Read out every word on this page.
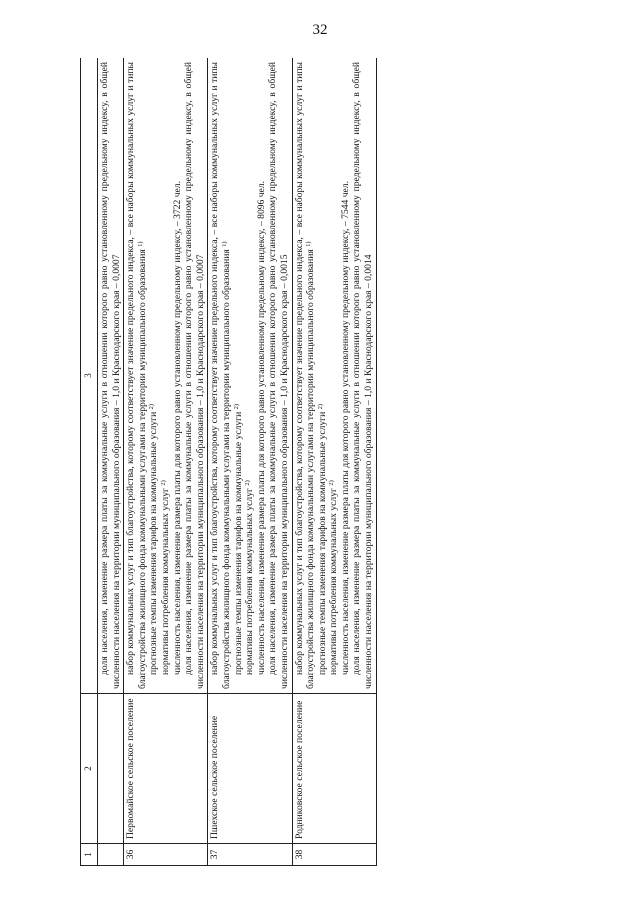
32
1	2	3

		доля населения, изменение размера платы за коммунальные услуги в отношении которого равно установленному предельному индексу, в общей численности населения на территории муниципального образования – 1,0 и Краснодарского края – 0,0007

36	Первомайское сельское поселение	набор коммунальных услуг и тип благоустройства, которому соответствует значение предельного индекса, – все наборы коммунальных услуг и типы благоустройства жилищного фонда коммунальными услугами на территории муниципального образования $^{1)}$

прогнозные темпы изменения тарифов на коммунальные услуги $^{2)}$

нормативы потребления коммунальных услуг $^{2)}$ численность населения, изменение размера платы для которого равно установленному предельному индексу, – 3722 чел. доля населения, изменение размера платы за коммунальные услуги в отношении которого равно установленному предельному индексу, в общей численности населения на территории муниципального образования – 1,0 и Краснодарского края – 0,0007

37	Пшехское сельское поселение	набор коммунальных услуг и тип благоустройства, которому соответствует значение предельного индекса, – все наборы коммунальных услуг и типы благоустройства жилищного фонда коммунальными услугами на территории муниципального образования $^{1)}$

прогнозные темпы изменения тарифов на коммунальные услуги $^{2)}$

нормативы потребления коммунальных услуг $^{2)}$ численность населения, изменение размера платы для которого равно установленному предельному индексу, – 8096 чел. доля населения, изменение размера платы за коммунальные услуги в отношении которого равно установленному предельному индексу, в общей численности населения на территории муниципального образования – 1,0 и Краснодарского края – 0,0015

38	Родниковское сельское поселение	набор коммунальных услуг и тип благоустройства, которому соответствует значение предельного индекса, – все наборы коммунальных услуг и типы благоустройства жилищного фонда коммунальными услугами на территории муниципального образования $^{1)}$

прогнозные темпы изменения тарифов на коммунальные услуги $^{2)}$

нормативы потребления коммунальных услуг $^{2)}$ численность населения, изменение размера платы для которого равно установленному предельному индексу, – 7544 чел. доля населения, изменение размера платы за коммунальные услуги в отношении которого равно установленному предельному индексу, в общей численности населения на территории муниципального образования – 1,0 и Краснодарского края – 0,0014
